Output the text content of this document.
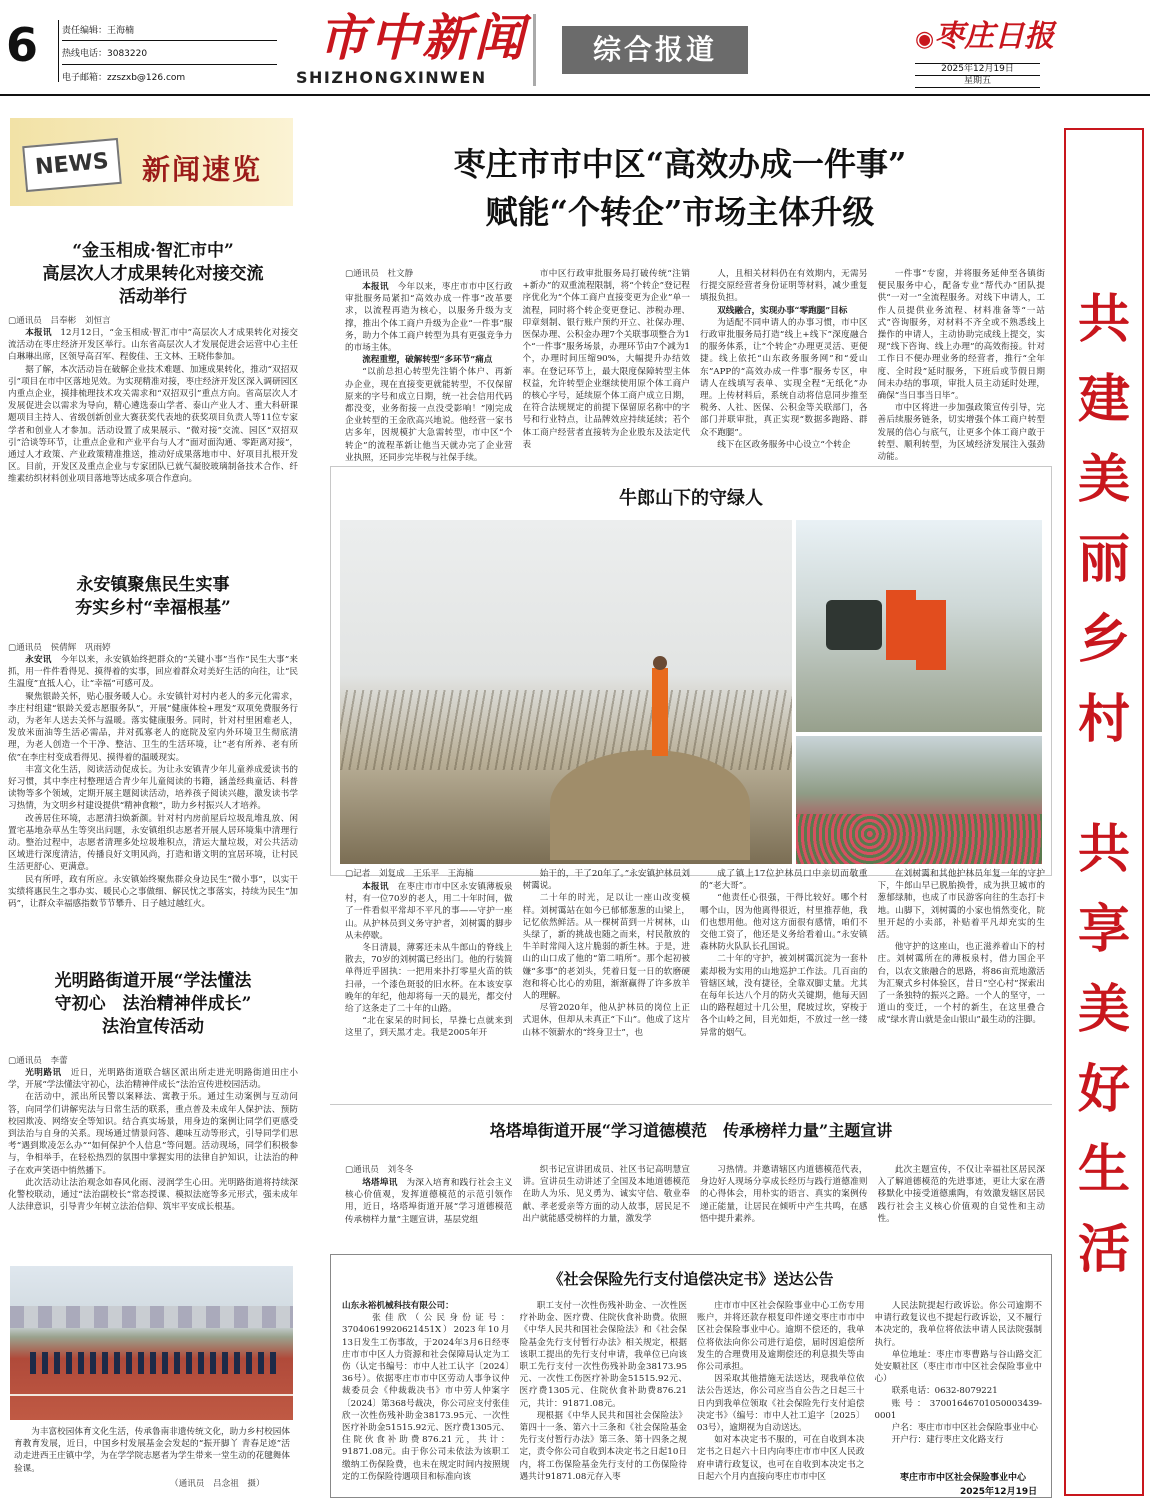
6	责任编辑：王海楠
热线电话：3083220
电子邮箱：zzszxb@126.com
市中新闻
SHIZHONGXINWEN
综合报道	◉枣庄日报
2025年12月19日
星期五
NEWS	新闻速览
“金玉相成·智汇市中”
高层次人才成果转化对接交流
活动举行
▢通讯员　吕奉彬　刘恒言

本报讯　12月12日，“金玉相成·智汇市中”高层次人才成果转化对接交流活动在枣庄经济开发区举行。山东省高层次人才发展促进会运营中心主任白琳琳出席，区领导高召军、程俊佳、王文林、王晓伟参加。

据了解，本次活动旨在破解企业技术难题、加速成果转化，推动“双招双引”项目在市中区落地见效。为实现精准对接，枣庄经济开发区深入调研园区内重点企业，摸排梳理技术攻关需求和“双招双引”重点方向。省高层次人才发展促进会以需求为导向，精心遴选泰山学者、泰山产业人才、重大科研课题项目主持人、省级创新创业大赛获奖代表地的获奖项目负责人等11位专家学者和创业人才参加。活动设置了成果展示、“微对接”交流、园区“双招双引”洽谈等环节，让重点企业和产业平台与人才“面对面沟通、零距离对接”，通过人才政策、产业政策精准推送，推动好成果落地市中、好项目扎根开发区。目前，开发区及重点企业与专家团队已就气凝胶玻璃制备技术合作、纤维素纺织材料创业项目落地等达成多项合作意向。

永安镇聚焦民生实事
夯实乡村“幸福根基”
▢通讯员　侯倩辉　巩雨婷

永安讯　今年以来，永安镇始终把群众的“关键小事”当作“民生大事”来抓，用一件件看得见、摸得着的实事，回应着群众对美好生活的向往，让“民生温度”直抵人心，让“幸福”可感可及。

聚焦银龄关怀，贴心服务暖人心。永安镇针对村内老人的多元化需求，李庄村组建“银龄关爱志愿服务队”，开展“健康体检+理发”双项免费服务行动，为老年人送去关怀与温暖。落实健康服务。同时，针对村里困难老人，发放米面油等生活必需品，并对孤寡老人的庭院及室内外环境卫生彻底清理，为老人创造一个干净、整洁、卫生的生活环境，让“老有所养、老有所依”在李庄村变成看得见、摸得着的温暖现实。

丰富文化生活，阅读活动促成长。为让永安镇青少年儿童养成爱读书的好习惯，其中李庄村整理适合青少年儿童阅读的书籍，涵盖经典童话、科普读物等多个领域，定期开展主题阅读活动，培养孩子阅读兴趣，激发读书学习热情，为文明乡村建设提供“精神食粮”，助力乡村振兴人才培养。

改善居住环境，志愿清扫焕新颜。针对村内房前屋后垃圾乱堆乱放、闲置宅基地杂草丛生等突出问题，永安镇组织志愿者开展人居环境集中清理行动。整治过程中，志愿者清理多处垃圾堆积点，清运大量垃圾，对公共活动区域进行深度清洁，传播良好文明风尚，打造和谐文明的宜居环境，让村民生活更舒心、更满意。

民有所呼，政有所应。永安镇始终聚焦群众身边民生“微小事”，以实干实绩将惠民生之事办实、暖民心之事做细、解民忧之事落实，持续为民生“加码”，让群众幸福感指数节节攀升、日子越过越红火。

光明路街道开展“学法懂法
守初心　法治精神伴成长”
法治宣传活动
▢通讯员　李蕾

光明路讯　近日，光明路街道联合辖区派出所走进光明路街道田庄小学，开展“学法懂法守初心，法治精神伴成长”法治宣传进校园活动。

在活动中，派出所民警以案释法、寓教于乐。通过生动案例与互动问答，向同学们讲解宪法与日常生活的联系，重点普及未成年人保护法、预防校园欺凌、网络安全等知识。结合真实场景，用身边的案例让同学们更感受到法治与自身的关系。现场通过情景问答、趣味互动等形式，引导同学们思考“遇到欺凌怎么办”“如何保护个人信息”等问题。活动现场，同学们积极参与，争相举手，在轻松热烈的氛围中掌握实用的法律自护知识，让法治的种子在欢声笑语中悄然播下。

此次活动让法治观念如春风化雨、浸润学生心田。光明路街道将持续深化警校联动，通过“法治副校长”常态授课、模拟法庭等多元形式，强未成年人法律意识，引导青少年树立法治信仰、筑牢平安成长根基。

为丰富校园体育文化生活，传承鲁南非遗传统文化，助力乡村校园体育教育发展，近日，中国乡村发展基金会发起的“振开脚丫 青春足迹”活动走进西王庄镇中学，为在学学院志愿者为学生带来一堂生动的花毽舞体验课。

（通讯员　吕念祖　摄）
枣庄市市中区“高效办成一件事”
赋能“个转企”市场主体升级
▢通讯员　杜文静

本报讯　今年以来，枣庄市市中区行政审批服务局紧扣“高效办成一件事”改革要求，以流程再造为核心，以服务升级为支撑，推出个体工商户升级为企业“一件事”服务，助力个体工商户转型为具有更强竞争力的市场主体。

流程重塑，破解转型“多环节”痛点

“以前总担心转型先注销个体户、再新办企业，现在直接变更就能转型，不仅保留原来的字号和成立日期，统一社会信用代码都没变，业务衔接一点没受影响！”刚完成企业转型的王金欣高兴地说。他经营一家书店多年，因规模扩大急需转型，市中区“个转企”的流程革新让他当天就办完了企业营业执照，还同步完毕税与社保手续。

市中区行政审批服务局打破传统“注销+新办”的双重流程限制，将“个转企”登记程序优化为“个体工商户直接变更为企业”单一流程，同时将个转企变更登记、涉税办理、印章刻制、银行账户预约开立、社保办理、医保办理、公积金办理7个关联事项整合为1个“一件事”服务场景，办理环节由7个减为1个，办理时间压缩90%，大幅提升办结效率。在登记环节上，最大限度保障转型主体权益，允许转型企业继续使用原个体工商户的核心字号，延续原个体工商户成立日期，在符合法规规定的前提下保留原名称中的字号和行业特点，让品牌效应持续延续；若个体工商户经营者直接转为企业股东及法定代表

人，且相关材料仍在有效期内，无需另行提交原经营者身份证明等材料，减少重复填报负担。

双线融合，实现办事“零跑腿”目标

为适配不同申请人的办事习惯，市中区行政审批服务局打造“线上+线下”深度融合的服务体系，让“个转企”办理更灵活、更便捷。线上依托“山东政务服务网”和“爱山东”APP的“高效办成一件事”服务专区，申请人在线填写表单、实现全程“无纸化”办理。上传材料后，系统自动将信息同步推至税务、人社、医保、公积金等关联部门，各部门并联审批，真正实现“数据多跑路、群众不跑腿”。

线下在区政务服务中心设立“个转企

一件事”专窗，并将服务延伸至各镇街便民服务中心，配备专业“帮代办”团队提供“一对一”全流程服务。对线下申请人，工作人员提供业务流程、材料准备等“一站式”咨询服务，对材料不齐全或不熟悉线上操作的申请人，主动协助完成线上提交，实现“线下咨询、线上办理”的高效衔接。针对工作日不便办理业务的经营者，推行“全年度、全时段”延时服务，下班后或节假日期间未办结的事项，审批人员主动延时处理，确保“当日事当日毕”。

市中区将进一步加强政策宣传引导，完善后续服务链条，切实增强个体工商户转型发展的信心与底气，让更多个体工商户敢于转型、顺利转型，为区域经济发展注入强劲动能。

牛郎山下的守绿人
▢记者　刘复成　王乐平　王海楠

本报讯　在枣庄市市中区永安镇薄板泉村，有一位70岁的老人，用二十年时间，做了一件看似平常却不平凡的事——守护一座山。从护林员到义务守护者，刘树霭的脚步从未停歇。

冬日清晨，薄雾还未从牛郎山的脊线上散去，70岁的刘树霭已经出门。他的行装简单得近乎固执：一把用来扑打零星火苗的铁扫帚，一个漆色斑驳的旧水杯。在本该安享晚年的年纪，他却将每一天的晨光，都交付给了这条走了二十年的山路。

“北在家呆的时间长，早操七点就来到这里了，到天黑才走。我是2005年开

始干的，干了20年了。”永安镇护林员刘树霭说。

二十年的时光，足以让一座山改变模样。刘树霭站在如今已郁郁葱葱的山梁上，记忆依然鲜活。从一棵树苗到一片树林，山头绿了，新的挑战也随之而来，村民散放的牛羊时常闯入这片脆弱的新生林。于是，进山的山口成了他的“第二哨所”。那个起初被嫌“多事”的老刘头，凭着日复一日的软磨硬泡和将心比心的劝阻，渐渐赢得了许多放羊人的理解。

尽管2020年，他从护林员的岗位上正式退休，但却从未真正“下山”。他成了这片山林不领薪水的“终身卫士”，也

成了镇上17位护林员口中亲切而敬重的“老大哥”。

“他责任心很强，干得比较好。哪个村哪个山，因为他离得很近，村里推荐他，我们也想用他。他对这方面很有感情，咱们不交他工资了，他还是义务给看着山。”永安镇森林防火队队长孔国说。

二十年的守护，被刘树霭沉淀为一套朴素却极为实用的山地巡护工作法。几百亩的管辖区域，没有捷径，全靠双脚丈量。尤其在每年长达八个月的防火关键期，他每天固山的路程超过十几公里，爬坡过坎，穿梭于各个山岭之间，目光如炬，不放过一丝一缕异常的烟气。

在刘树霭和其他护林员年复一年的守护下，牛郎山早已脱胎换骨，成为拱卫城市的葱郁绿肺，也成了市民游客向往的生态打卡地。山脚下，刘树霭的小家也悄然变化，院里开起的小卖部，补贴着平凡却充实的生活。

他守护的这座山，也正滋养着山下的村庄。刘树霭所在的薄板泉村，借力国企平台，以农文旅融合的思路，将86亩荒地激活为汇聚式乡村体验区，昔日“空心村”探索出了一条独特的振兴之路。一个人的坚守，一道山的变迁，一个村的新生，在这里叠合成“绿水青山就是金山银山”最生动的注脚。

垎塔埠街道开展“学习道德模范　传承榜样力量”主题宣讲
▢通讯员　刘冬冬

垎塔埠讯　为深入培育和践行社会主义核心价值观，发挥道德模范的示范引领作用，近日，垎塔埠街道开展“学习道德模范 传承榜样力量”主题宣讲，基层党组

织书记宣讲团成员、社区书记高明慧宣讲。宣讲员生动讲述了全国及本地道德模范在助人为乐、见义勇为、诚实守信、敬业奉献、孝老爱亲等方面的动人故事，居民足不出户就能感受榜样的力量，激发学

习热情。并邀请辖区内道德模范代表，身边好人现场分享成长经历与践行道德准则的心得体会，用朴实的语言、真实的案例传递正能量，让居民在倾听中产生共鸣，在感悟中提升素养。

此次主题宣传，不仅让幸福社区居民深入了解道德模范的先进事迹，更让大家在潜移默化中接受道德熏陶，有效激发辖区居民践行社会主义核心价值观的自觉性和主动性。

《社会保险先行支付追偿决定书》送达公告
山东永裕机械科技有限公司：

　张佳欣（公民身份证号：370406199206214​51X）2023年10月13日发生工伤事故，于2024年3月6日经枣庄市市中区人力资源和社会保障局认定为工伤（认定书编号：市中人社工认字〔2024〕36号）。依据枣庄市市中区劳动人事争议仲裁委员会《仲裁裁决书》市中劳人仲案字〔2024〕第368号裁决，你公司应支付张佳欣一次性伤残补助金38173.95元、一次性医疗补助金51515.92元、医疗费1305元、住院伙食补助费876.21元，共计：91871.08元。由于你公司未依法为该职工缴纳工伤保险费，也未在规定时间内按照规定的工伤保险待遇项目和标准向该

职工支付一次性伤残补助金、一次性医疗补助金、医疗费、住院伙食补助费。依照《中华人民共和国社会保险法》和《社会保险基金先行支付暂行办法》相关规定，根据该职工提出的先行支付申请，我单位已向该职工先行支付一次性伤残补助金38173.95元、一次性工伤医疗补助金51515.92元、医疗费1305元、住院伙食补助费876.21元，共计：91871.08元。

现根据《中华人民共和国社会保险法》第四十一条、第六十三条和《社会保险基金先行支付暂行办法》第三条、第十四条之规定，责令你公司自收到本决定书之日起10日内，将工伤保险基金先行支付的工伤保险待遇共计91871.08元存入枣

庄市市中区社会保险事业中心工伤专用账户，并将还款存根复印件递交枣庄市市中区社会保险事业中心。逾期不偿还的，我单位将依法向你公司进行追偿，届时因追偿所发生的合理费用及逾期偿还的利息损失等由你公司承担。

因采取其他措施无法送达，现我单位依法公告送达，你公司应当自公告之日起三十日内到我单位领取《社会保险先行支付追偿决定书》（编号：市中人社工追字〔2025〕03号），逾期视为自动送达。

如对本决定书不服的，可在自收到本决定书之日起六十日内向枣庄市市中区人民政府申请行政复议，也可在自收到本决定书之日起六个月内直接向枣庄市市中区

人民法院提起行政诉讼。你公司逾期不申请行政复议也不提起行政诉讼，又不履行本决定的，我单位将依法申请人民法院强制执行。

单位地址：枣庄市枣曹路与谷山路交汇处安顺社区（枣庄市市中区社会保险事业中心）

联系电话：0632-8079221

账号：37001646701050003439-0001

户名：枣庄市市中区社会保险事业中心

开户行：建行枣庄文化路支行

枣庄市市中区社会保险事业中心
2025年12月19日
共建美丽乡村
共享美好生活
